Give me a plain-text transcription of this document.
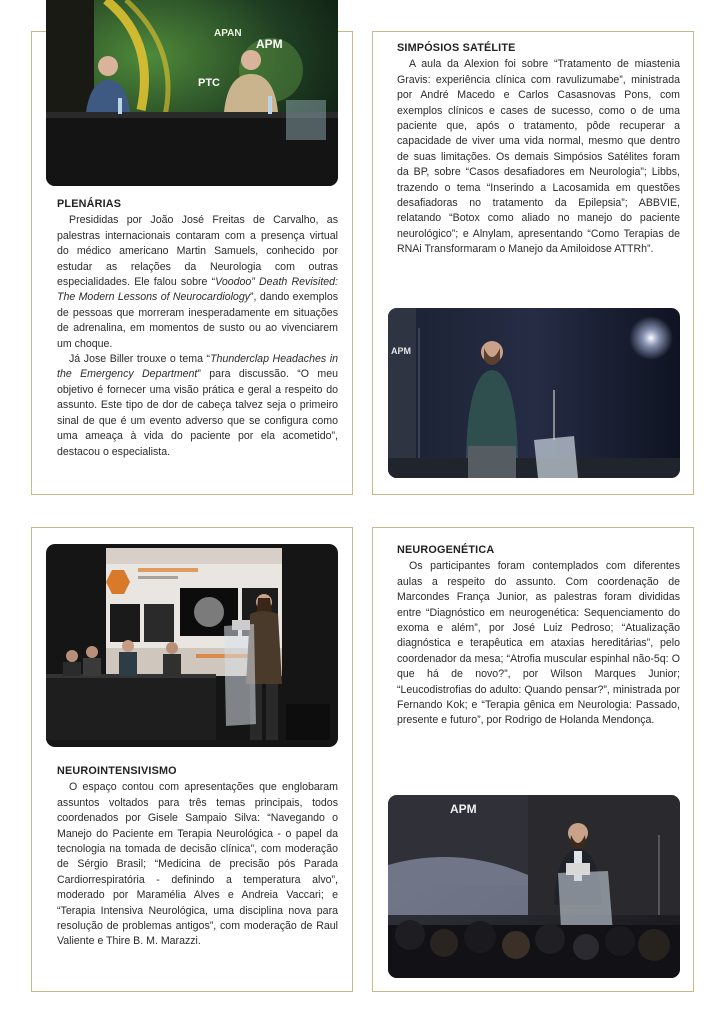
APAN
APM
PTC
PLENÁRIAS

Presididas por João José Freitas de Carvalho, as palestras internacionais contaram com a presença virtual do médico americano Martin Samuels, conhecido por estudar as relações da Neurologia com outras especialidades. Ele falou sobre “Voodoo” Death Revisited: The Modern Lessons of Neurocardiology”, dando exemplos de pessoas que morreram inesperadamente em situações de adrenalina, em momentos de susto ou ao vivenciarem um choque.

Já Jose Biller trouxe o tema “Thunderclap Headaches in the Emergency Department” para discussão. “O meu objetivo é fornecer uma visão prática e geral a respeito do assunto. Este tipo de dor de cabeça talvez seja o primeiro sinal de que é um evento adverso que se configura como uma ameaça à vida do paciente por ela acometido”, destacou o especialista.

SIMPÓSIOS SATÉLITE

A aula da Alexion foi sobre “Tratamento de miastenia Gravis: experiência clínica com ravulizumabe”, ministrada por André Macedo e Carlos Casasnovas Pons, com exemplos clínicos e cases de sucesso, como o de uma paciente que, após o tratamento, pôde recuperar a capacidade de viver uma vida normal, mesmo que dentro de suas limitações. Os demais Simpósios Satélites foram da BP, sobre “Casos desafiadores em Neurologia”; Libbs, trazendo o tema “Inserindo a Lacosamida em questões desafiadoras no tratamento da Epilepsia”; ABBVIE, relatando “Botox como aliado no manejo do paciente neurológico”; e Alnylam, apresentando “Como Terapias de RNAi Transformaram o Manejo da Amiloidose ATTRh”.

APM
NEUROINTENSIVISMO

O espaço contou com apresentações que englobaram assuntos voltados para três temas principais, todos coordenados por Gisele Sampaio Silva: “Navegando o Manejo do Paciente em Terapia Neurológica - o papel da tecnologia na tomada de decisão clínica”, com moderação de Sérgio Brasil; “Medicina de precisão pós Parada Cardiorrespiratória - definindo a temperatura alvo”, moderado por Maramélia Alves e Andreia Vaccari; e “Terapia Intensiva Neurológica, uma disciplina nova para resolução de problemas antigos”, com moderação de Raul Valiente e Thire B. M. Marazzi.

NEUROGENÉTICA

Os participantes foram contemplados com diferentes aulas a respeito do assunto. Com coordenação de Marcondes França Junior, as palestras foram divididas entre “Diagnóstico em neurogenética: Sequenciamento do exoma e além”, por José Luiz Pedroso; “Atualização diagnóstica e terapêutica em ataxias hereditárias”, pelo coordenador da mesa; “Atrofia muscular espinhal não-5q: O que há de novo?”, por Wilson Marques Junior; “Leucodistrofias do adulto: Quando pensar?”, ministrada por Fernando Kok; e “Terapia gênica em Neurologia: Passado, presente e futuro”, por Rodrigo de Holanda Mendonça.

APM
